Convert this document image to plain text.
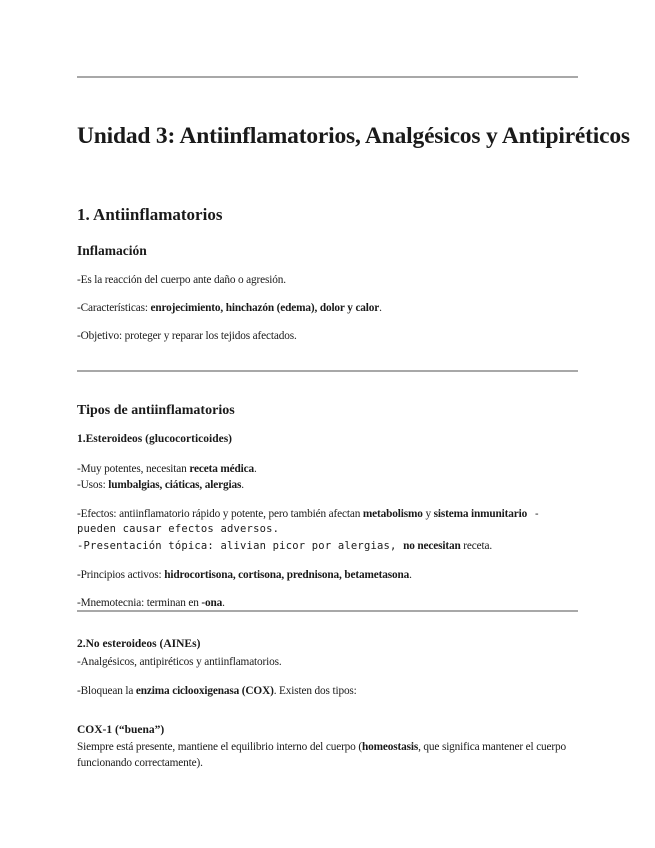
Unidad 3: Antiinflamatorios, Analgésicos y Antipiréticos
1. Antiinflamatorios
Inflamación
-Es la reacción del cuerpo ante daño o agresión.
-Características: enrojecimiento, hinchazón (edema), dolor y calor.
-Objetivo: proteger y reparar los tejidos afectados.
Tipos de antiinflamatorios
1.Esteroideos (glucocorticoides)
-Muy potentes, necesitan receta médica.
-Usos: lumbalgias, ciáticas, alergias.
-Efectos: antiinflamatorio rápido y potente, pero también afectan metabolismo y sistema inmunitario -
pueden causar efectos adversos.
-Presentación tópica: alivian picor por alergias, no necesitan receta.
-Principios activos: hidrocortisona, cortisona, prednisona, betametasona.
-Mnemotecnia: terminan en -ona.
2.No esteroideos (AINEs)
-Analgésicos, antipiréticos y antiinflamatorios.
-Bloquean la enzima ciclooxigenasa (COX). Existen dos tipos:
COX-1 (“buena”)
Siempre está presente, mantiene el equilibrio interno del cuerpo (homeostasis, que significa mantener el cuerpo funcionando correctamente).
